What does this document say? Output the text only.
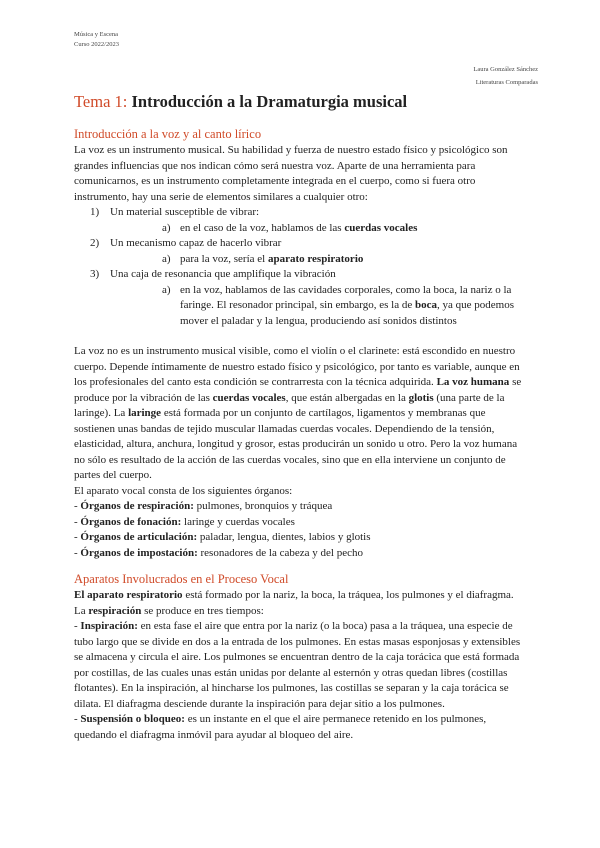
Música y Escena
Curso 2022/2023
Laura González Sánchez
Literaturas Comparadas
Tema 1: Introducción a la Dramaturgia musical
Introducción a la voz y al canto lírico

La voz es un instrumento musical. Su habilidad y fuerza de nuestro estado físico y psicológico son grandes influencias que nos indican cómo será nuestra voz. Aparte de una herramienta para comunicarnos, es un instrumento completamente integrada en el cuerpo, como si fuera otro instrumento, hay una serie de elementos similares a cualquier otro:

1) Un material susceptible de vibrar:
a) en el caso de la voz, hablamos de las cuerdas vocales
2) Un mecanismo capaz de hacerlo vibrar
a) para la voz, sería el aparato respiratorio
3) Una caja de resonancia que amplifique la vibración
a) en la voz, hablamos de las cavidades corporales, como la boca, la nariz o la faringe. El resonador principal, sin embargo, es la de boca, ya que podemos mover el paladar y la lengua, produciendo así sonidos distintos

La voz no es un instrumento musical visible, como el violín o el clarinete: está escondido en nuestro cuerpo. Depende íntimamente de nuestro estado físico y psicológico, por tanto es variable, aunque en los profesionales del canto esta condición se contrarresta con la técnica adquirida. La voz humana se produce por la vibración de las cuerdas vocales, que están albergadas en la glotis (una parte de la laringe). La laringe está formada por un conjunto de cartílagos, ligamentos y membranas que sostienen unas bandas de tejido muscular llamadas cuerdas vocales. Dependiendo de la tensión, elasticidad, altura, anchura, longitud y grosor, estas producirán un sonido u otro. Pero la voz humana no sólo es resultado de la acción de las cuerdas vocales, sino que en ella interviene un conjunto de partes del cuerpo.

El aparato vocal consta de los siguientes órganos:

- Órganos de respiración: pulmones, bronquios y tráquea
- Órganos de fonación: laringe y cuerdas vocales
- Órganos de articulación: paladar, lengua, dientes, labios y glotis
- Órganos de impostación: resonadores de la cabeza y del pecho
Aparatos Involucrados en el Proceso Vocal

El aparato respiratorio está formado por la nariz, la boca, la tráquea, los pulmones y el diafragma. La respiración se produce en tres tiempos:

- Inspiración: en esta fase el aire que entra por la nariz (o la boca) pasa a la tráquea, una especie de tubo largo que se divide en dos a la entrada de los pulmones. En estas masas esponjosas y extensibles se almacena y circula el aire. Los pulmones se encuentran dentro de la caja torácica que está formada por costillas, de las cuales unas están unidas por delante al esternón y otras quedan libres (costillas flotantes). En la inspiración, al hincharse los pulmones, las costillas se separan y la caja torácica se dilata. El diafragma desciende durante la inspiración para dejar sitio a los pulmones.

- Suspensión o bloqueo: es un instante en el que el aire permanece retenido en los pulmones, quedando el diafragma inmóvil para ayudar al bloqueo del aire.
